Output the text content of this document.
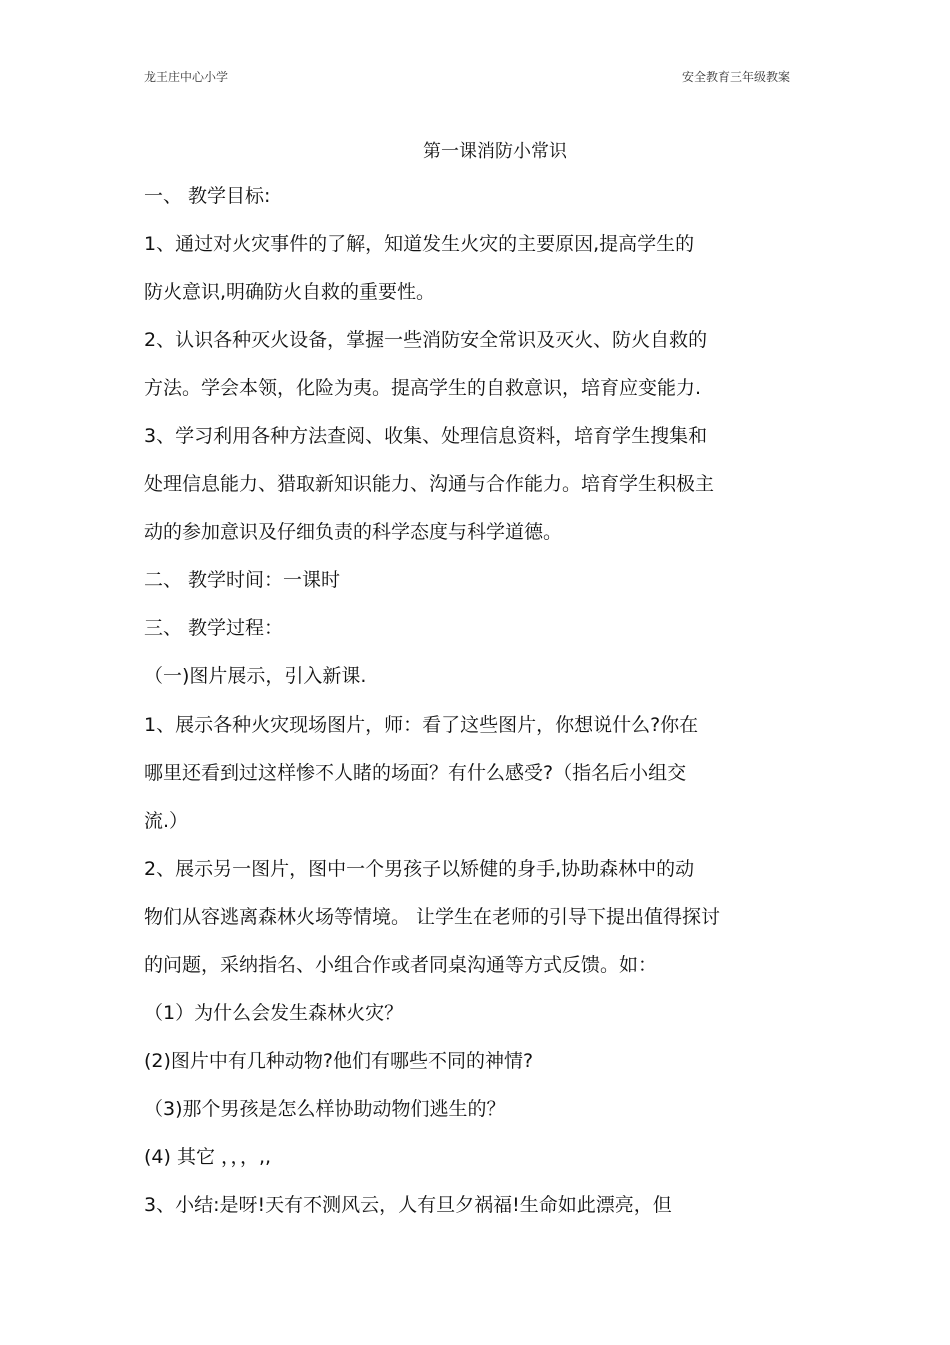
龙王庄中心小学	安全教育三年级教案
第一课消防小常识
一、 教学目标:
1、通过对火灾事件的了解，知道发生火灾的主要原因,提高学生的
防火意识,明确防火自救的重要性。
2、认识各种灭火设备，掌握一些消防安全常识及灭火、防火自救的
方法。学会本领，化险为夷。提高学生的自救意识，培育应变能力.
3、学习利用各种方法查阅、收集、处理信息资料，培育学生搜集和
处理信息能力、猎取新知识能力、沟通与合作能力。培育学生积极主
动的参加意识及仔细负责的科学态度与科学道德。
二、 教学时间：一课时
三、 教学过程：
（一)图片展示，引入新课.
1、展示各种火灾现场图片，师：看了这些图片，你想说什么?你在
哪里还看到过这样惨不人睹的场面？有什么感受?（指名后小组交
流.）
2、展示另一图片，图中一个男孩子以矫健的身手,协助森林中的动
物们从容逃离森林火场等情境。 让学生在老师的引导下提出值得探讨
的问题，采纳指名、小组合作或者同桌沟通等方式反馈。如：
（1）为什么会发生森林火灾？
(2)图片中有几种动物?他们有哪些不同的神情?
（3)那个男孩是怎么样协助动物们逃生的？
(4) 其它 ，，，,,
3、小结:是呀!天有不测风云，人有旦夕祸福!生命如此漂亮，但
